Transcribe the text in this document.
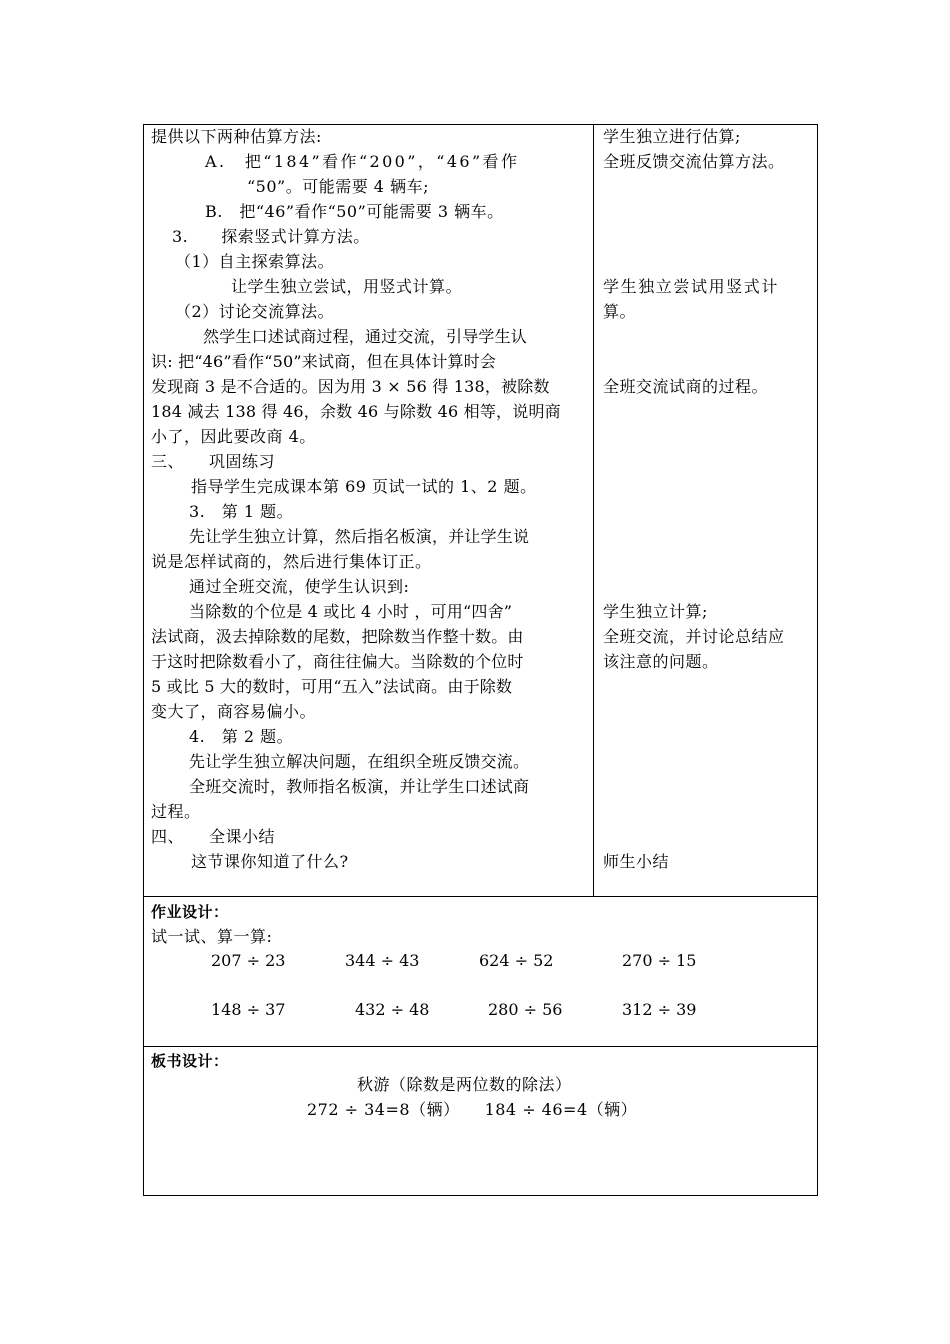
提供以下两种估算方法:
A.　把“184”看作“200”，“46”看作
“50”。可能需要 4 辆车;
B.　把“46”看作“50”可能需要 3 辆车。
3.　　探索竖式计算方法。
（1）自主探索算法。
让学生独立尝试，用竖式计算。
（2）讨论交流算法。
然学生口述试商过程，通过交流，引导学生认
识: 把“46”看作“50”来试商，但在具体计算时会
发现商 3 是不合适的。因为用 3 × 56 得 138，被除数
184 减去 138 得 46，余数 46 与除数 46 相等，说明商
小了，因此要改商 4。
三、　　巩固练习
指导学生完成课本第 69 页试一试的 1、2 题。
3.　第 1 题。
先让学生独立计算，然后指名板演，并让学生说
说是怎样试商的，然后进行集体订正。
通过全班交流，使学生认识到:
当除数的个位是 4 或比 4 小时 ，可用“四舍”
法试商，汲去掉除数的尾数，把除数当作整十数。由
于这时把除数看小了，商往往偏大。当除数的个位时
5 或比 5 大的数时，可用“五入”法试商。由于除数
变大了，商容易偏小。
4.　第 2 题。
先让学生独立解决问题，在组织全班反馈交流。
全班交流时，教师指名板演，并让学生口述试商
过程。
四、　　全课小结
这节课你知道了什么?
学生独立进行估算;
全班反馈交流估算方法。
学生独立尝试用竖式计
算。
全班交流试商的过程。
学生独立计算;
全班交流，并讨论总结应
该注意的问题。
师生小结
作业设计：
试一试、算一算:
207 ÷ 23	344 ÷ 43	624 ÷ 52	270 ÷ 15
148 ÷ 37	432 ÷ 48	280 ÷ 56	312 ÷ 39
板书设计：
秋游（除数是两位数的除法）
272 ÷ 34=8（辆）　　184 ÷ 46=4（辆）
